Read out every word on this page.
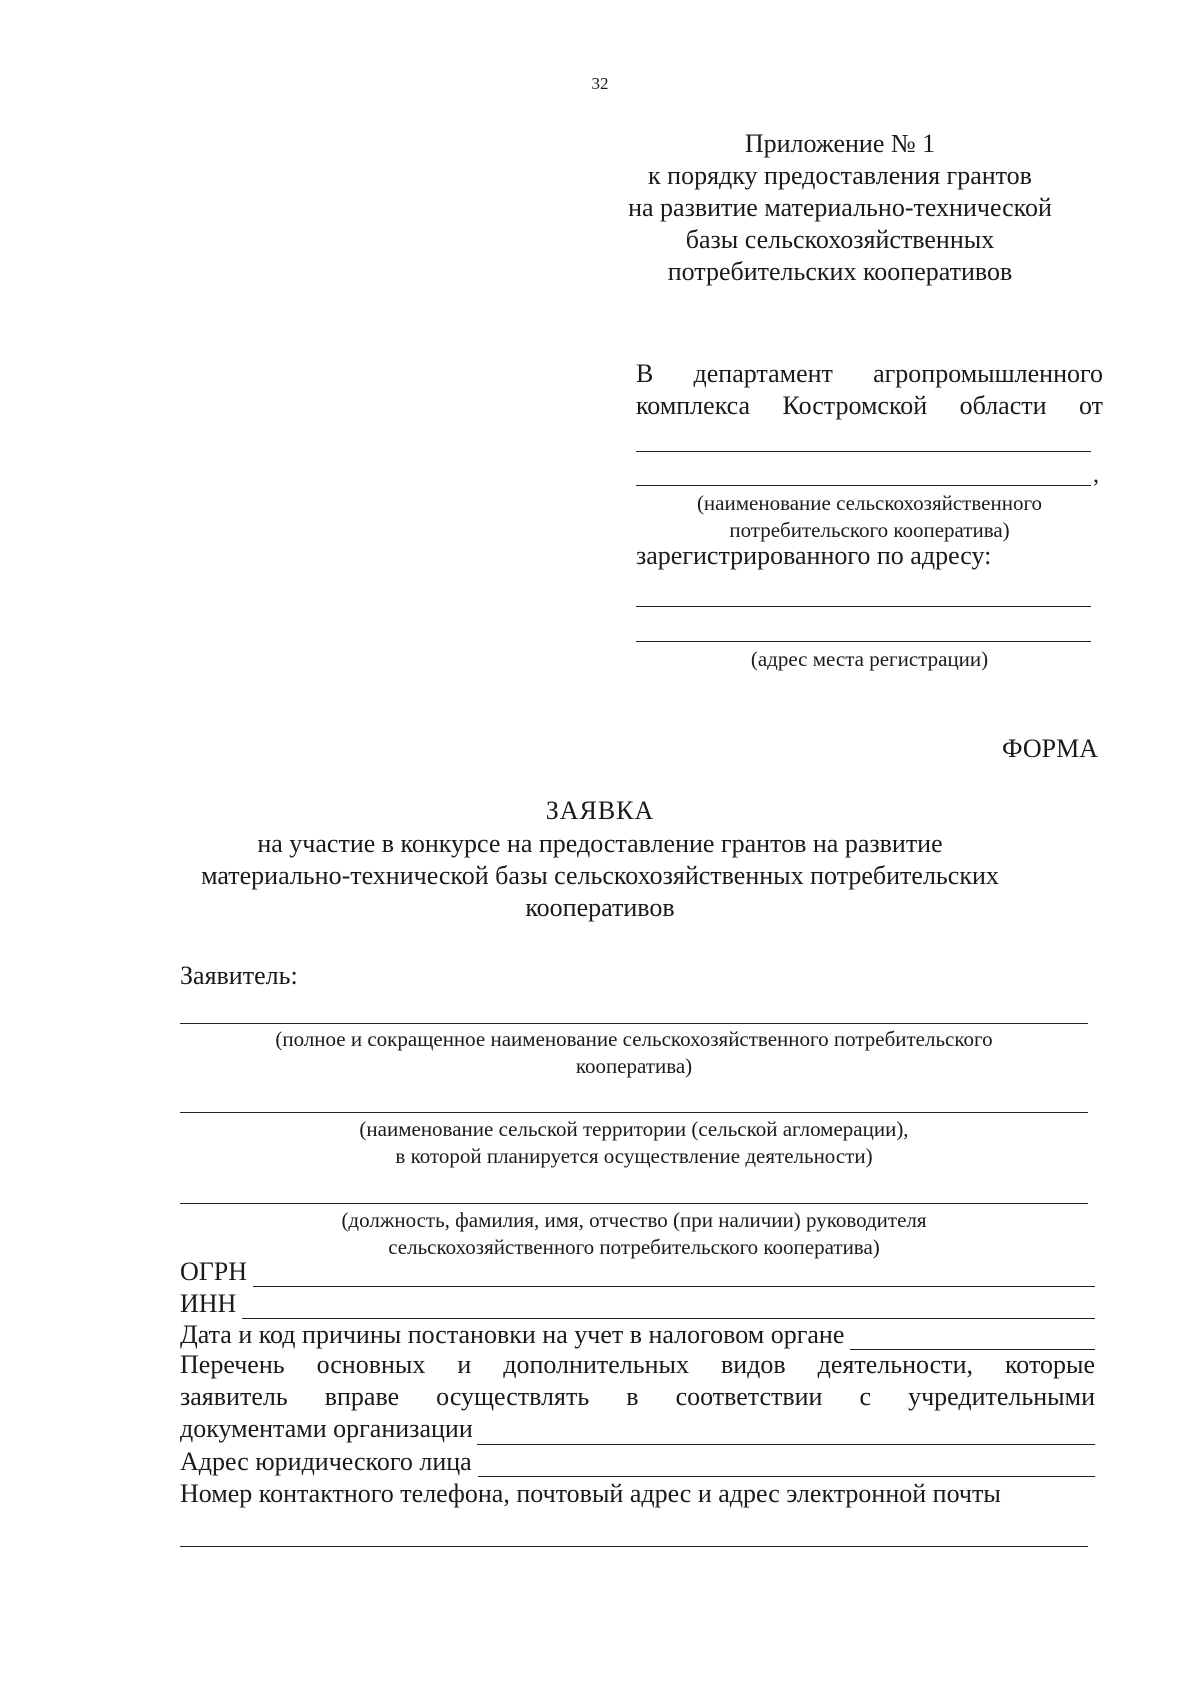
32
Приложение № 1
к порядку предоставления грантов
на развитие материально-технической
базы сельскохозяйственных
потребительских кооперативов
В департамент агропромышленного
комплекса Костромской области от
,
(наименование сельскохозяйственного
потребительского кооператива)
зарегистрированного по адресу:
(адрес места регистрации)
ФОРМА
ЗАЯВКА
на участие в конкурсе на предоставление грантов на развитие
материально-технической базы сельскохозяйственных потребительских
кооперативов
Заявитель:
(полное и сокращенное наименование сельскохозяйственного потребительского
кооператива)
(наименование сельской территории (сельской агломерации),
в которой планируется осуществление деятельности)
(должность, фамилия, имя, отчество (при наличии) руководителя
сельскохозяйственного потребительского кооператива)
ОГРН
ИНН
Дата и код причины постановки на учет в налоговом органе
Перечень основных и дополнительных видов деятельности, которые
заявитель вправе осуществлять в соответствии с учредительными
документами организации
Адрес юридического лица
Номер контактного телефона, почтовый адрес и адрес электронной почты
